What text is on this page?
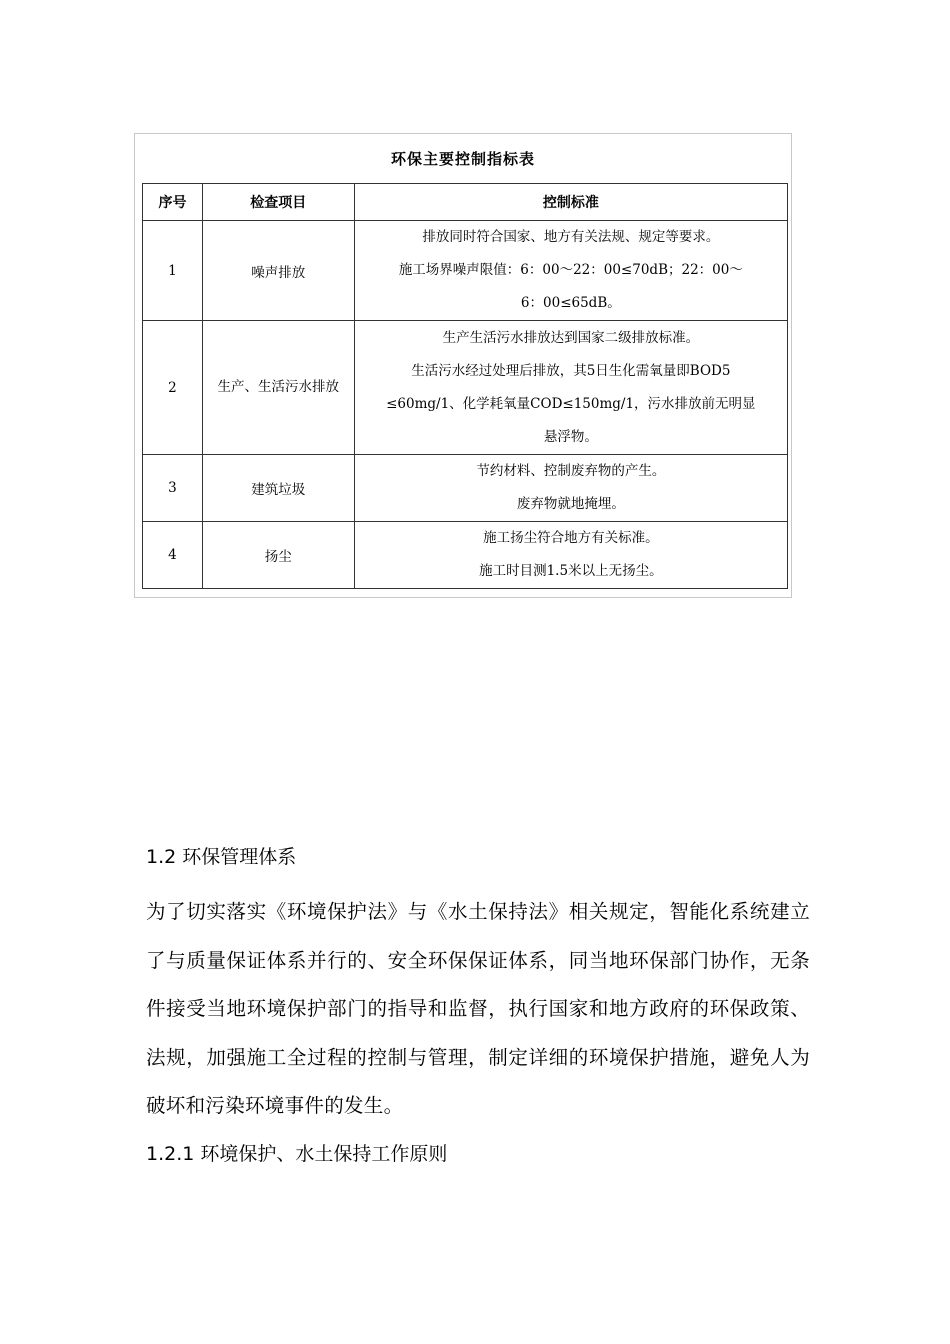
环保主要控制指标表
序号	检查项目	控制标准
1	噪声排放	排放同时符合国家、地方有关法规、规定等要求。
施工场界噪声限值：6：00～22：00≤70dB；22：00～
6：00≤65dB。

2	生产、生活污水排放	生产生活污水排放达到国家二级排放标准。
生活污水经过处理后排放，其5日生化需氧量即BOD5
≤60mg/1、化学耗氧量COD≤150mg/1，污水排放前无明显
悬浮物。

3	建筑垃圾	节约材料、控制废弃物的产生。
废弃物就地掩埋。

4	扬尘	施工扬尘符合地方有关标准。
施工时目测1.5米以上无扬尘。
1.2 环保管理体系
为了切实落实《环境保护法》与《水土保持法》相关规定，智能化系统建立了与质量保证体系并行的、安全环保保证体系，同当地环保部门协作，无条件接受当地环境保护部门的指导和监督，执行国家和地方政府的环保政策、法规，加强施工全过程的控制与管理，制定详细的环境保护措施，避免人为破坏和污染环境事件的发生。
1.2.1 环境保护、水土保持工作原则
